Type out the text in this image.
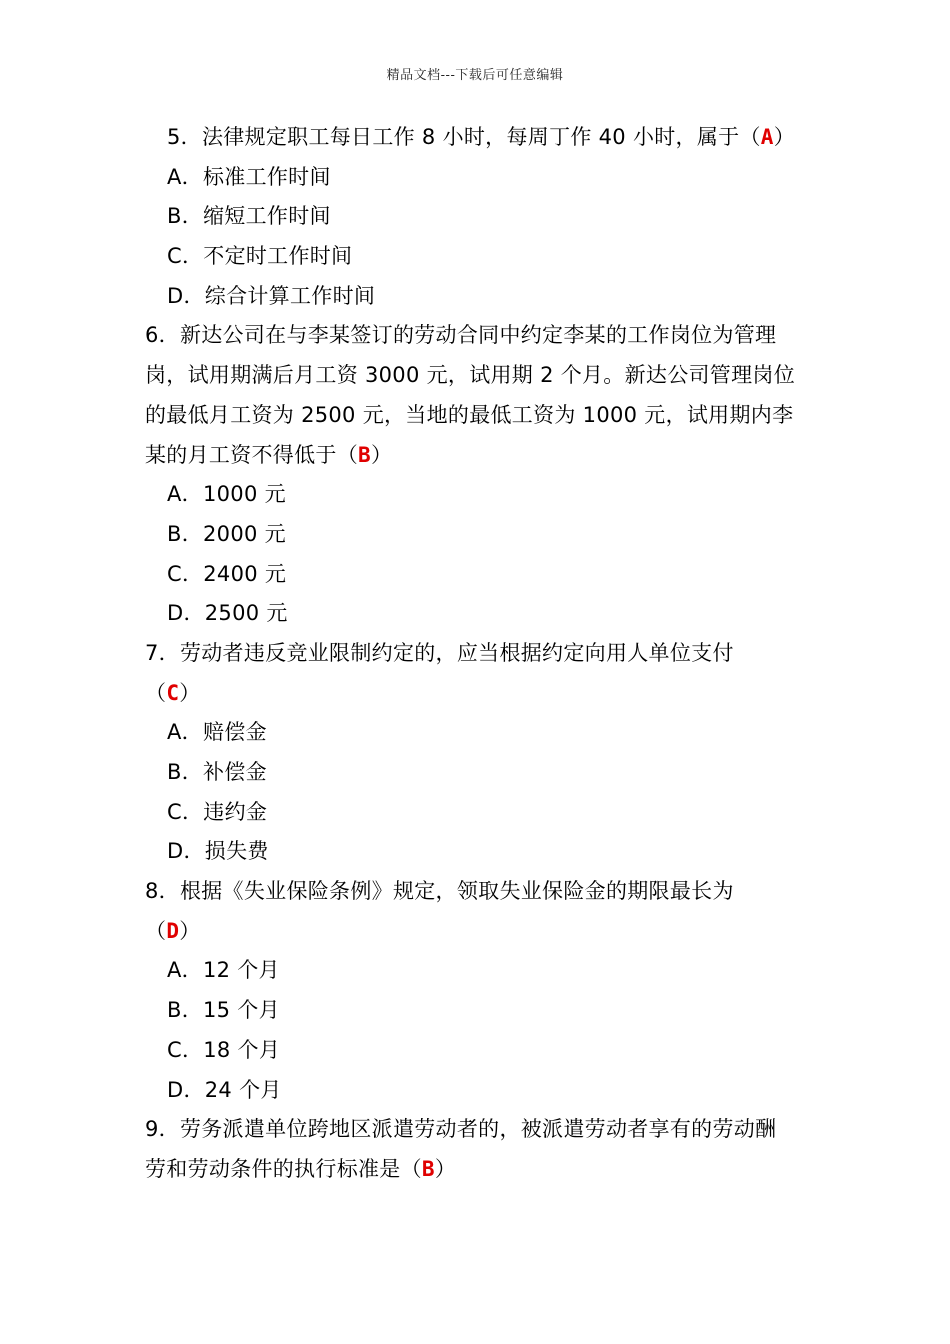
精品文档---下载后可任意编辑
5．法律规定职工每日工作 8 小时，每周丁作 40 小时，属于（A）
A．标准工作时间
B．缩短工作时间
C．不定时工作时间
D．综合计算工作时间
6．新达公司在与李某签订的劳动合同中约定李某的工作岗位为管理
岗，试用期满后月工资 3000 元，试用期 2 个月。新达公司管理岗位
的最低月工资为 2500 元，当地的最低工资为 1000 元，试用期内李
某的月工资不得低于（B）
A．1000 元
B．2000 元
C．2400 元
D．2500 元
7．劳动者违反竞业限制约定的，应当根据约定向用人单位支付
（C）
A．赔偿金
B．补偿金
C．违约金
D．损失费
8．根据《失业保险条例》规定，领取失业保险金的期限最长为
（D）
A．12 个月
B．15 个月
C．18 个月
D．24 个月
9．劳务派遣单位跨地区派遣劳动者的，被派遣劳动者享有的劳动酬
劳和劳动条件的执行标准是（B）
